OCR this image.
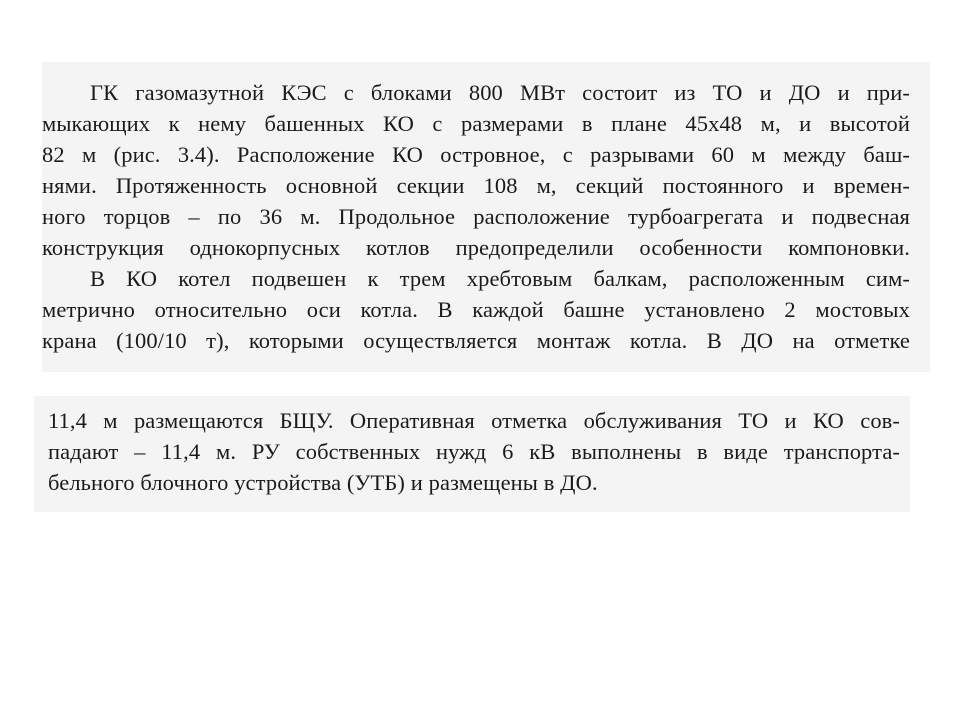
ГК газомазутной КЭС с блоками 800 МВт состоит из ТО и ДО и при-
мыкающих к нему башенных КО с размерами в плане 45х48 м, и высотой
82 м (рис. 3.4). Расположение КО островное, с разрывами 60 м между баш-
нями. Протяженность основной секции 108 м, секций постоянного и времен-
ного торцов – по 36 м. Продольное расположение турбоагрегата и подвесная
конструкция однокорпусных котлов предопределили особенности компоновки.
В КО котел подвешен к трем хребтовым балкам, расположенным сим-
метрично относительно оси котла. В каждой башне установлено 2 мостовых
крана (100/10 т), которыми осуществляется монтаж котла. В ДО на отметке
11,4 м размещаются БЩУ. Оперативная отметка обслуживания ТО и КО сов-
падают – 11,4 м. РУ собственных нужд 6 кВ выполнены в виде транспорта-
бельного блочного устройства (УТБ) и размещены в ДО.
